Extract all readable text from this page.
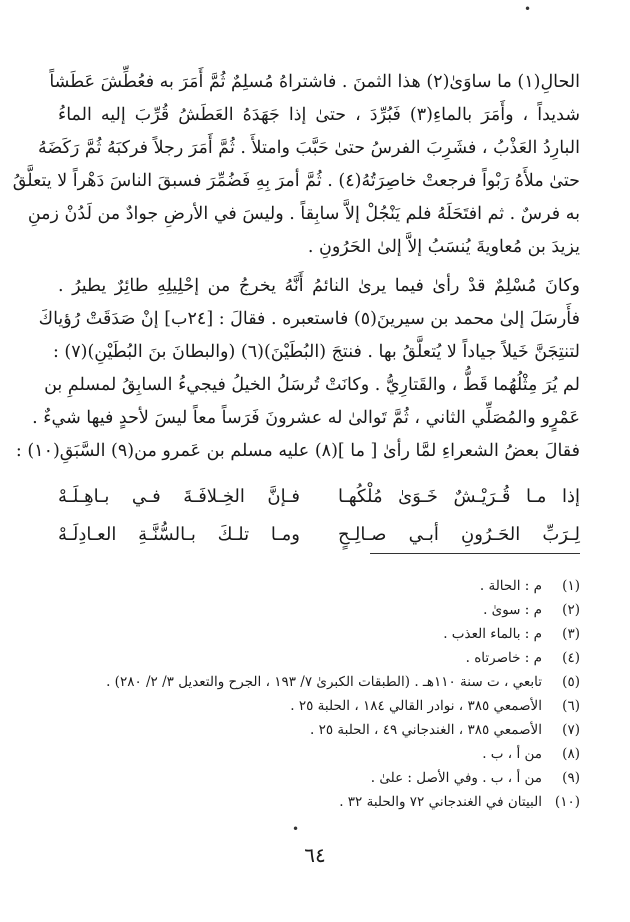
•
•
الحالِ(١) ما ساوَىٰ(٢) هذا الثمنَ . فاشتراهُ مُسلِمٌ ثُمَّ أَمَرَ به فعُطِّشَ عَطَشاً
شديداً ، وأَمَرَ بالماءِ(٣) فَبُرِّدَ ، حتىٰ إذا جَهَدَهُ العَطَشُ قُرِّبَ إليه الماءُ
البارِدُ العَذْبُ ، فشَرِبَ الفرسُ حتىٰ حَبَّبَ وامتلأَ . ثُمَّ أَمَرَ رجلاً فركبَهُ ثُمَّ رَكَضَهُ
حتىٰ ملأَهُ رَبْواً فرجعتْ خاصِرَتُهُ(٤) . ثُمَّ أمرَ بِهِ فَضُمِّرَ فسبقَ الناسَ دَهْراً لا يتعلَّقُ
به فرسٌ . ثم افتَحَلَهُ فلم يَنْجُلْ إلاَّ سابِقاً . وليسَ في الأرضِ جوادٌ من لَدُنْ زمنِ
يزيدَ بن مُعاويةَ يُنسَبُ إلاَّ إلىٰ الحَرُونِ .
وكانَ مُسْلِمٌ قدْ رأىٰ فيما يرىٰ النائمُ أَنَّهُ يخرجُ من إحْلِيلِهِ طائِرٌ يطيرُ .
فأَرسَلَ إلىٰ محمد بن سيرينَ(٥) فاستعبره . فقالَ : [٢٤ب] إنْ صَدَقَتْ رُؤياكَ
لتنتِجَنَّ خَيلاً جياداً لا يُتعلَّقُ بها . فنتجَ (البُطَيْنَ)(٦) (والبطانَ بنَ البُطَيْنِ)(٧) :
لم يُرَ مِثْلُهُما قَطُّ ، والقَتارِيُّ . وكانَتْ تُرسَلُ الخيلُ فيجيءُ السابِقُ لمسلمِ بن
عَمْرٍو والمُصَلِّي الثاني ، ثُمَّ تَوالىٰ له عشرونَ فَرَساً معاً ليسَ لأحدٍ فيها شيءٌ .
فقالَ بعضُ الشعراءِ لمَّا رأىٰ [ ما ](٨) عليه مسلم بن عَمرو من(٩) السَّبَقِ(١٠) :
إذا مـا قُـرَيْـشٌ خَـوَىٰ مُلْكُهـا
فـإنَّ الخِـلافَـةَ فـي بـاهِـلَـهْ
لِـرَبِّ الحَـرُونِ أبـي صـالِـحٍ
ومـا تلـكَ بـالسُّنَّـةِ العـادِلَـهْ
(١)
م : الحالة .
(٢)
م : سوىٰ .
(٣)
م : بالماء العذب .
(٤)
م : خاصرتاه .
(٥)
تابعي ، ت سنة ١١٠هـ . (الطبقات الكبرىٰ ٧/ ١٩٣ ، الجرح والتعديل ٣/ ٢/ ٢٨٠) .
(٦)
الأصمعي ٣٨٥ ، نوادر القالي ١٨٤ ، الحلبة ٢٥ .
(٧)
الأصمعي ٣٨٥ ، الغندجاني ٤٩ ، الحلبة ٢٥ .
(٨)
من أ ، ب .
(٩)
من أ ، ب . وفي الأصل : علىٰ .
(١٠)
البيتان في الغندجاني ٧٢ والحلبة ٣٢ .
٦٤
